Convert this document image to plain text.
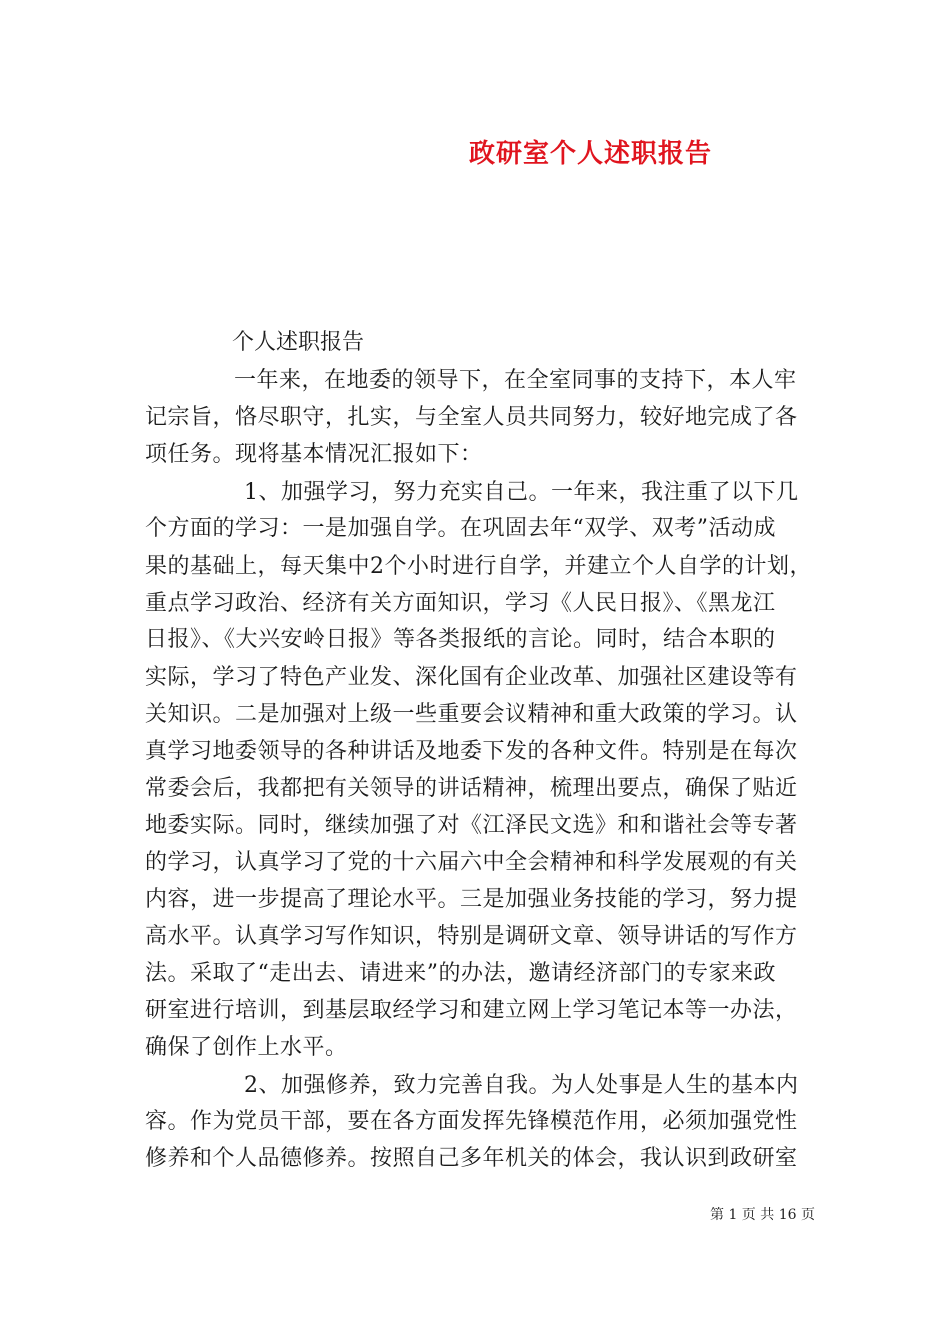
政研室个人述职报告
个人述职报告
一年来，在地委的领导下，在全室同事的支持下，本人牢
记宗旨，恪尽职守，扎实，与全室人员共同努力，较好地完成了各
项任务。现将基本情况汇报如下：
1、加强学习，努力充实自己。一年来，我注重了以下几
个方面的学习：一是加强自学。在巩固去年“双学、双考”活动成
果的基础上，每天集中2个小时进行自学，并建立个人自学的计划，
重点学习政治、经济有关方面知识，学习《人民日报》、《黑龙江
日报》、《大兴安岭日报》等各类报纸的言论。同时，结合本职的
实际，学习了特色产业发、深化国有企业改革、加强社区建设等有
关知识。二是加强对上级一些重要会议精神和重大政策的学习。认
真学习地委领导的各种讲话及地委下发的各种文件。特别是在每次
常委会后，我都把有关领导的讲话精神，梳理出要点，确保了贴近
地委实际。同时，继续加强了对《江泽民文选》和和谐社会等专著
的学习，认真学习了党的十六届六中全会精神和科学发展观的有关
内容，进一步提高了理论水平。三是加强业务技能的学习，努力提
高水平。认真学习写作知识，特别是调研文章、领导讲话的写作方
法。采取了“走出去、请进来”的办法，邀请经济部门的专家来政
研室进行培训，到基层取经学习和建立网上学习笔记本等一办法，
确保了创作上水平。
2、加强修养，致力完善自我。为人处事是人生的基本内
容。作为党员干部，要在各方面发挥先锋模范作用，必须加强党性
修养和个人品德修养。按照自己多年机关的体会，我认识到政研室
第 1 页 共 16 页
